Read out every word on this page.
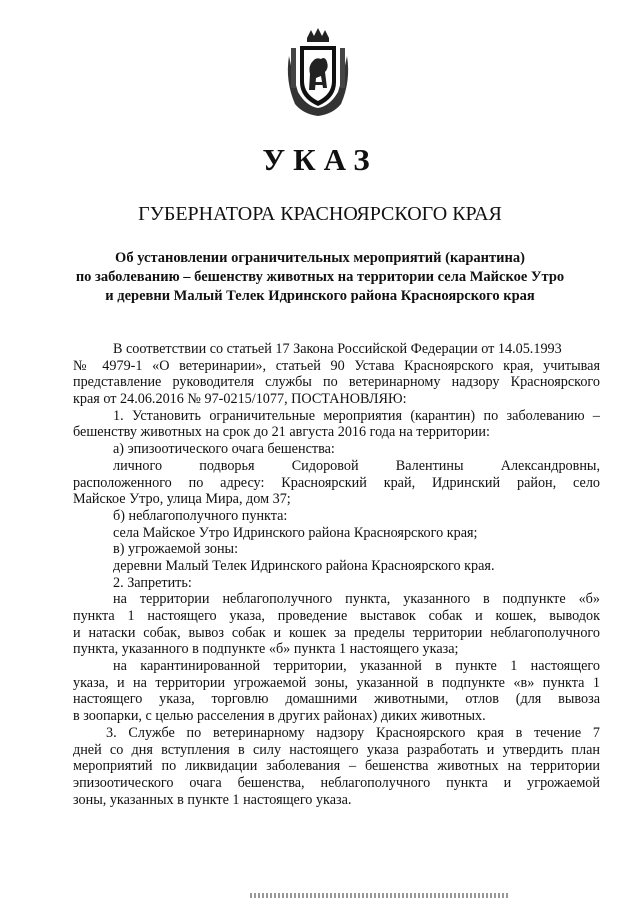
УКАЗ
ГУБЕРНАТОРА КРАСНОЯРСКОГО КРАЯ
Об установлении ограничительных мероприятий (карантина)
по заболеванию – бешенству животных на территории села Майское Утро
и деревни Малый Телек Идринского района Красноярского края
В соответствии со статьей 17 Закона Российской Федерации от 14.05.1993
№ 4979-1 «О ветеринарии», статьей 90 Устава Красноярского края, учитывая
представление руководителя службы по ветеринарному надзору Красноярского
края от 24.06.2016 № 97-0215/1077, ПОСТАНОВЛЯЮ:
1. Установить ограничительные мероприятия (карантин) по заболеванию –
бешенству животных на срок до 21 августа 2016 года на территории:
а) эпизоотического очага бешенства:
личного подворья Сидоровой Валентины Александровны,
расположенного по адресу: Красноярский край, Идринский район, село
Майское Утро, улица Мира, дом 37;
б) неблагополучного пункта:
села Майское Утро Идринского района Красноярского края;
в) угрожаемой зоны:
деревни Малый Телек Идринского района Красноярского края.
2. Запретить:
на территории неблагополучного пункта, указанного в подпункте «б»
пункта 1 настоящего указа, проведение выставок собак и кошек, выводок
и натаски собак, вывоз собак и кошек за пределы территории неблагополучного
пункта, указанного в подпункте «б» пункта 1 настоящего указа;
на карантинированной территории, указанной в пункте 1 настоящего
указа, и на территории угрожаемой зоны, указанной в подпункте «в» пункта 1
настоящего указа, торговлю домашними животными, отлов (для вывоза
в зоопарки, с целью расселения в других районах) диких животных.
3. Службе по ветеринарному надзору Красноярского края в течение 7
дней со дня вступления в силу настоящего указа разработать и утвердить план
мероприятий по ликвидации заболевания – бешенства животных на территории
эпизоотического очага бешенства, неблагополучного пункта и угрожаемой
зоны, указанных в пункте 1 настоящего указа.
